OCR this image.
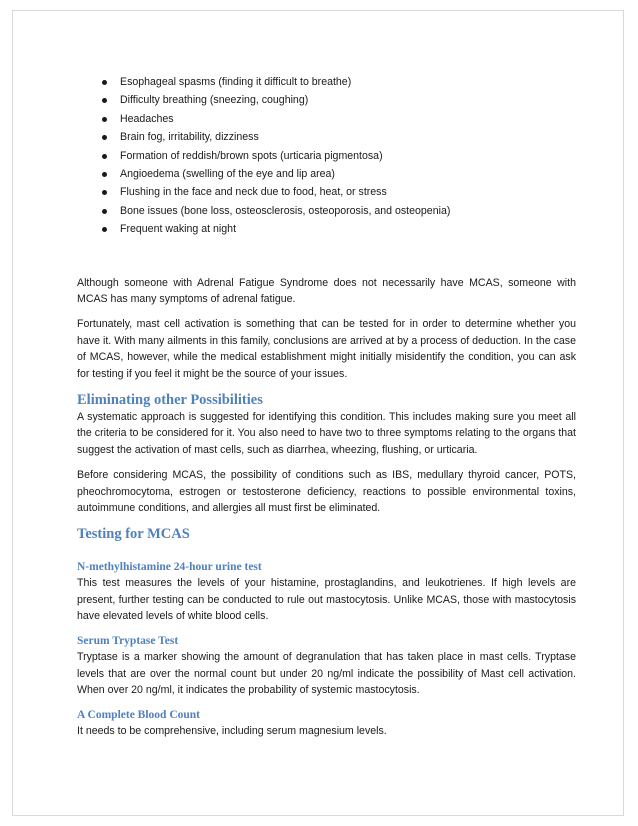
Esophageal spasms (finding it difficult to breathe)
Difficulty breathing (sneezing, coughing)
Headaches
Brain fog, irritability, dizziness
Formation of reddish/brown spots (urticaria pigmentosa)
Angioedema (swelling of the eye and lip area)
Flushing in the face and neck due to food, heat, or stress
Bone issues (bone loss, osteosclerosis, osteoporosis, and osteopenia)
Frequent waking at night

Although someone with Adrenal Fatigue Syndrome does not necessarily have MCAS, someone with MCAS has many symptoms of adrenal fatigue.

Fortunately, mast cell activation is something that can be tested for in order to determine whether you have it. With many ailments in this family, conclusions are arrived at by a process of deduction. In the case of MCAS, however, while the medical establishment might initially misidentify the condition, you can ask for testing if you feel it might be the source of your issues.

Eliminating other Possibilities

A systematic approach is suggested for identifying this condition. This includes making sure you meet all the criteria to be considered for it. You also need to have two to three symptoms relating to the organs that suggest the activation of mast cells, such as diarrhea, wheezing, flushing, or urticaria.

Before considering MCAS, the possibility of conditions such as IBS, medullary thyroid cancer, POTS, pheochromocytoma, estrogen or testosterone deficiency, reactions to possible environmental toxins, autoimmune conditions, and allergies all must first be eliminated.

Testing for MCAS
N-methylhistamine 24-hour urine test

This test measures the levels of your histamine, prostaglandins, and leukotrienes. If high levels are present, further testing can be conducted to rule out mastocytosis. Unlike MCAS, those with mastocytosis have elevated levels of white blood cells.

Serum Tryptase Test

Tryptase is a marker showing the amount of degranulation that has taken place in mast cells. Tryptase levels that are over the normal count but under 20 ng/ml indicate the possibility of Mast cell activation. When over 20 ng/ml, it indicates the probability of systemic mastocytosis.

A Complete Blood Count

It needs to be comprehensive, including serum magnesium levels.
